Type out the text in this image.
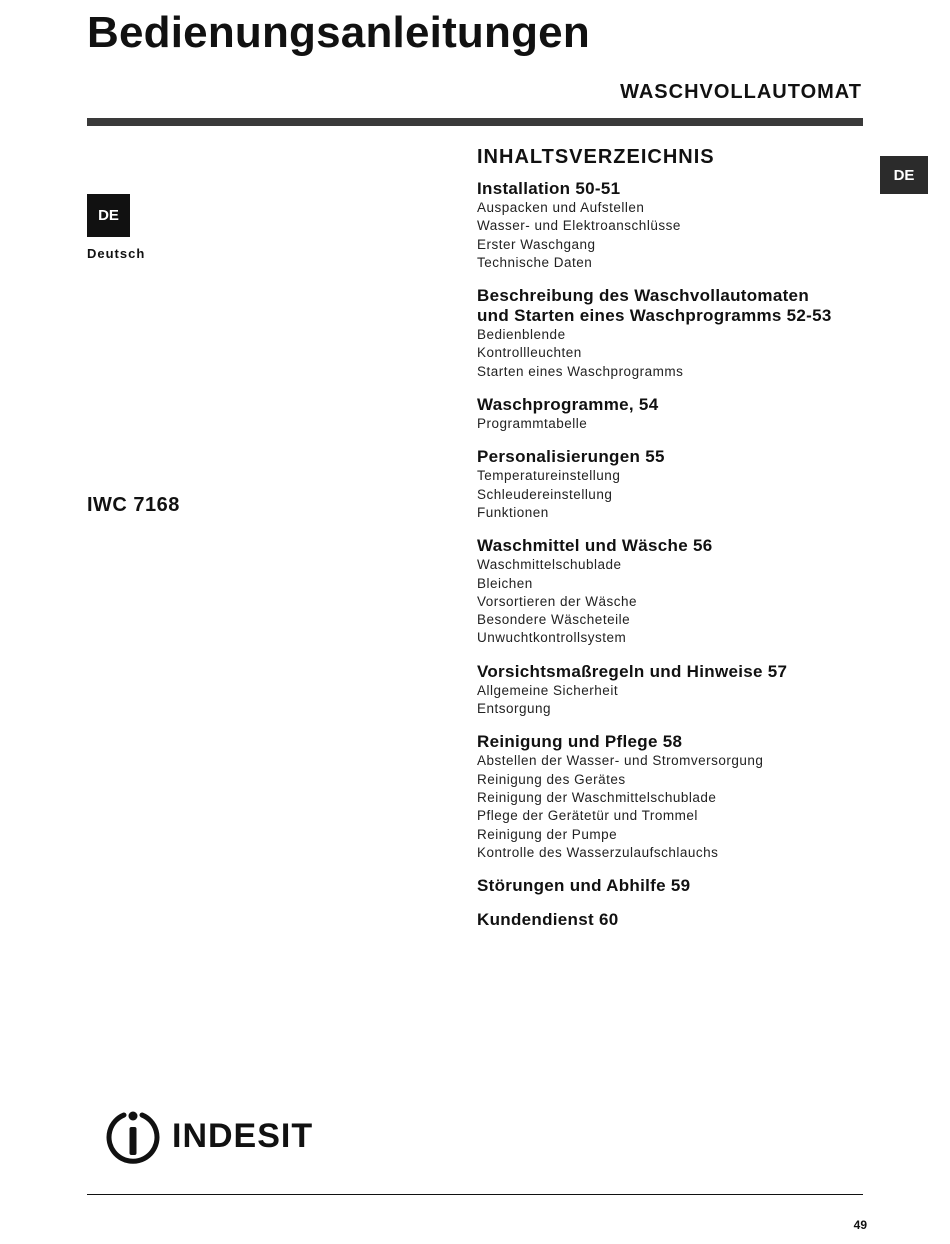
Bedienungsanleitungen
WASCHVOLLAUTOMAT
DE
Deutsch
IWC 7168
DE
INHALTSVERZEICHNIS
Installation 50-51
Auspacken und Aufstellen
Wasser- und Elektroanschlüsse
Erster Waschgang
Technische Daten
Beschreibung des Waschvollautomaten
und Starten eines Waschprogramms 52-53
Bedienblende
Kontrollleuchten
Starten eines Waschprogramms
Waschprogramme, 54
Programmtabelle
Personalisierungen 55
Temperatureinstellung
Schleudereinstellung
Funktionen
Waschmittel und Wäsche 56
Waschmittelschublade
Bleichen
Vorsortieren der Wäsche
Besondere Wäscheteile
Unwuchtkontrollsystem
Vorsichtsmaßregeln und Hinweise 57
Allgemeine Sicherheit
Entsorgung
Reinigung und Pflege 58
Abstellen der Wasser- und Stromversorgung
Reinigung des Gerätes
Reinigung der Waschmittelschublade
Pflege der Gerätetür und Trommel
Reinigung der Pumpe
Kontrolle des Wasserzulaufschlauchs
Störungen und Abhilfe 59
Kundendienst 60
INDESIT
49
